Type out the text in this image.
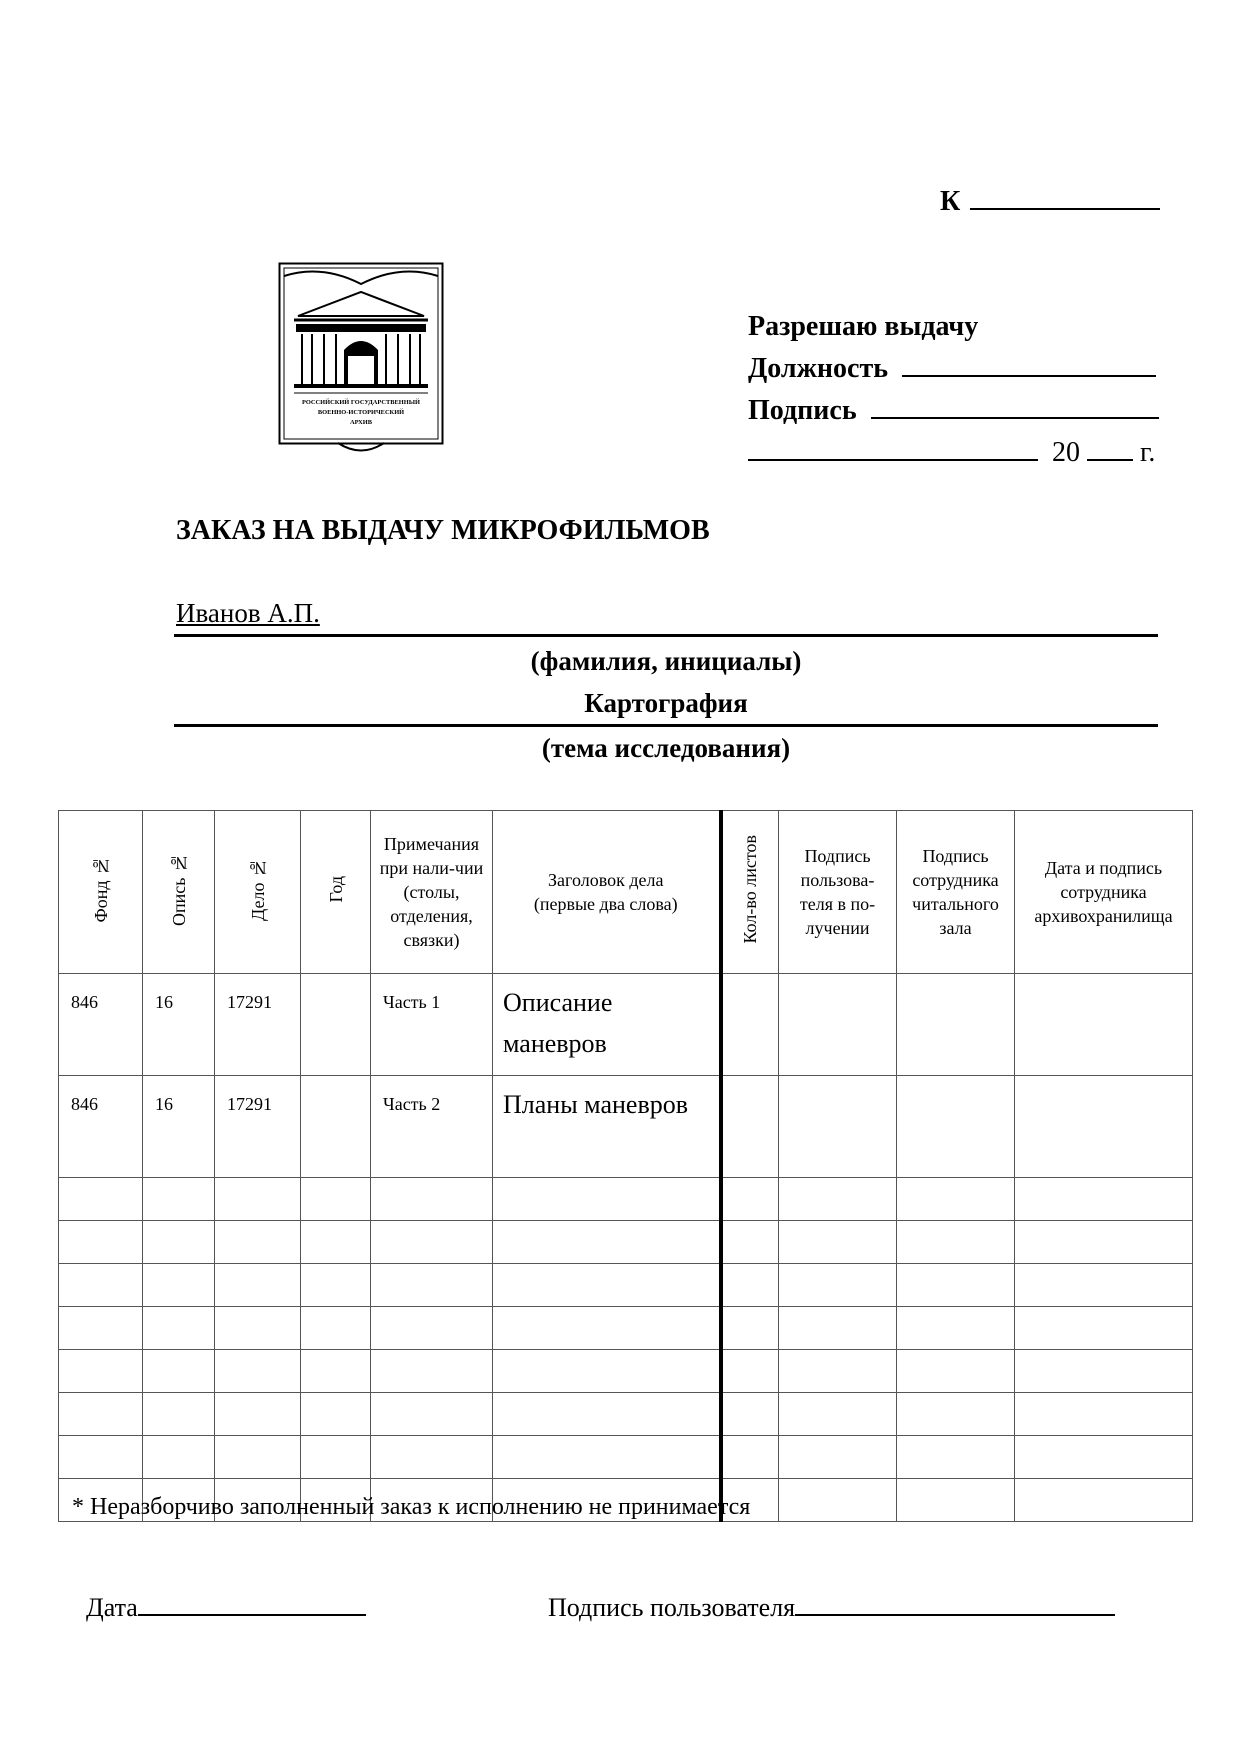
К
РОССИЙСКИЙ ГОСУДАРСТВЕННЫЙ
ВОЕННО-ИСТОРИЧЕСКИЙ
АРХИВ
Разрешаю выдачу
Должность
Подпись
20 г.
ЗАКАЗ НА ВЫДАЧУ МИКРОФИЛЬМОВ
Иванов А.П.
(фамилия, инициалы)
Картография
(тема исследования)
Фонд №	Опись №	Дело №	Год	Примечания при нали-чии (столы, отделения, связки)	Заголовок дела (первые два слова)	Кол-во листов	Подпись пользова-теля в по-лучении	Подпись сотрудника читального зала	Дата и подпись сотрудника архивохранилища
846	16	17291		Часть 1	Описание маневров				
846	16	17291		Часть 2	Планы маневров				

* Неразборчиво заполненный заказ к исполнению не принимается
Дата	Подпись пользователя
